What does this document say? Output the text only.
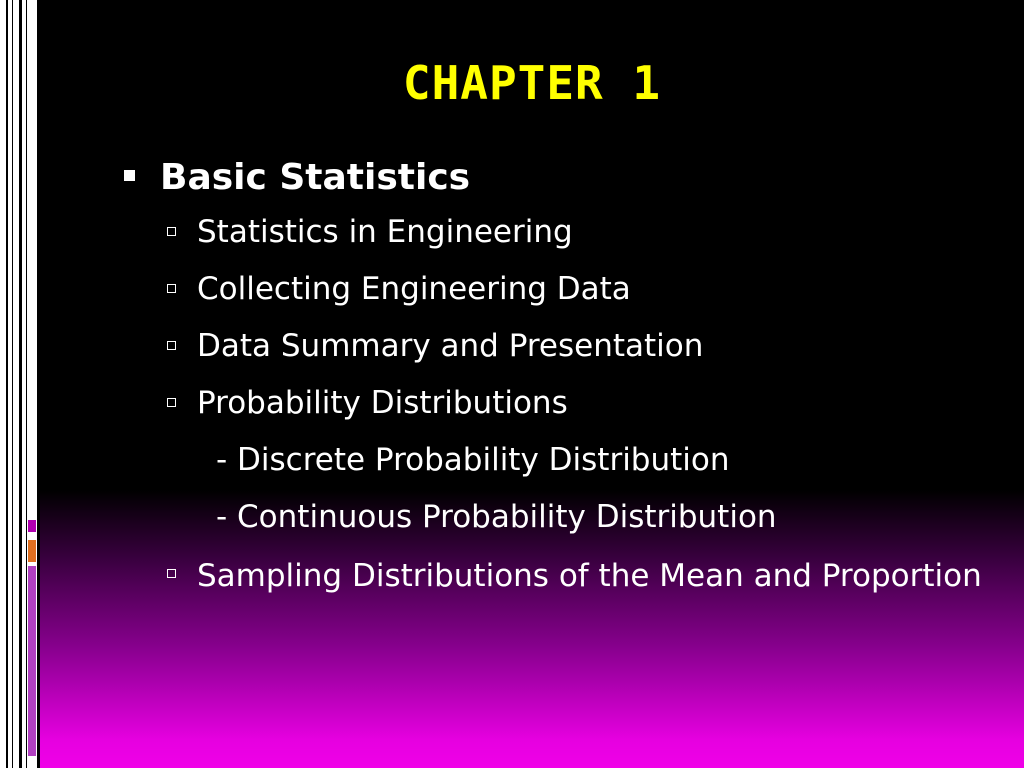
CHAPTER 1
Basic Statistics
Statistics in Engineering
Collecting Engineering Data
Data Summary and Presentation
Probability Distributions
- Discrete Probability Distribution
- Continuous Probability Distribution
Sampling Distributions of the Mean and Proportion
